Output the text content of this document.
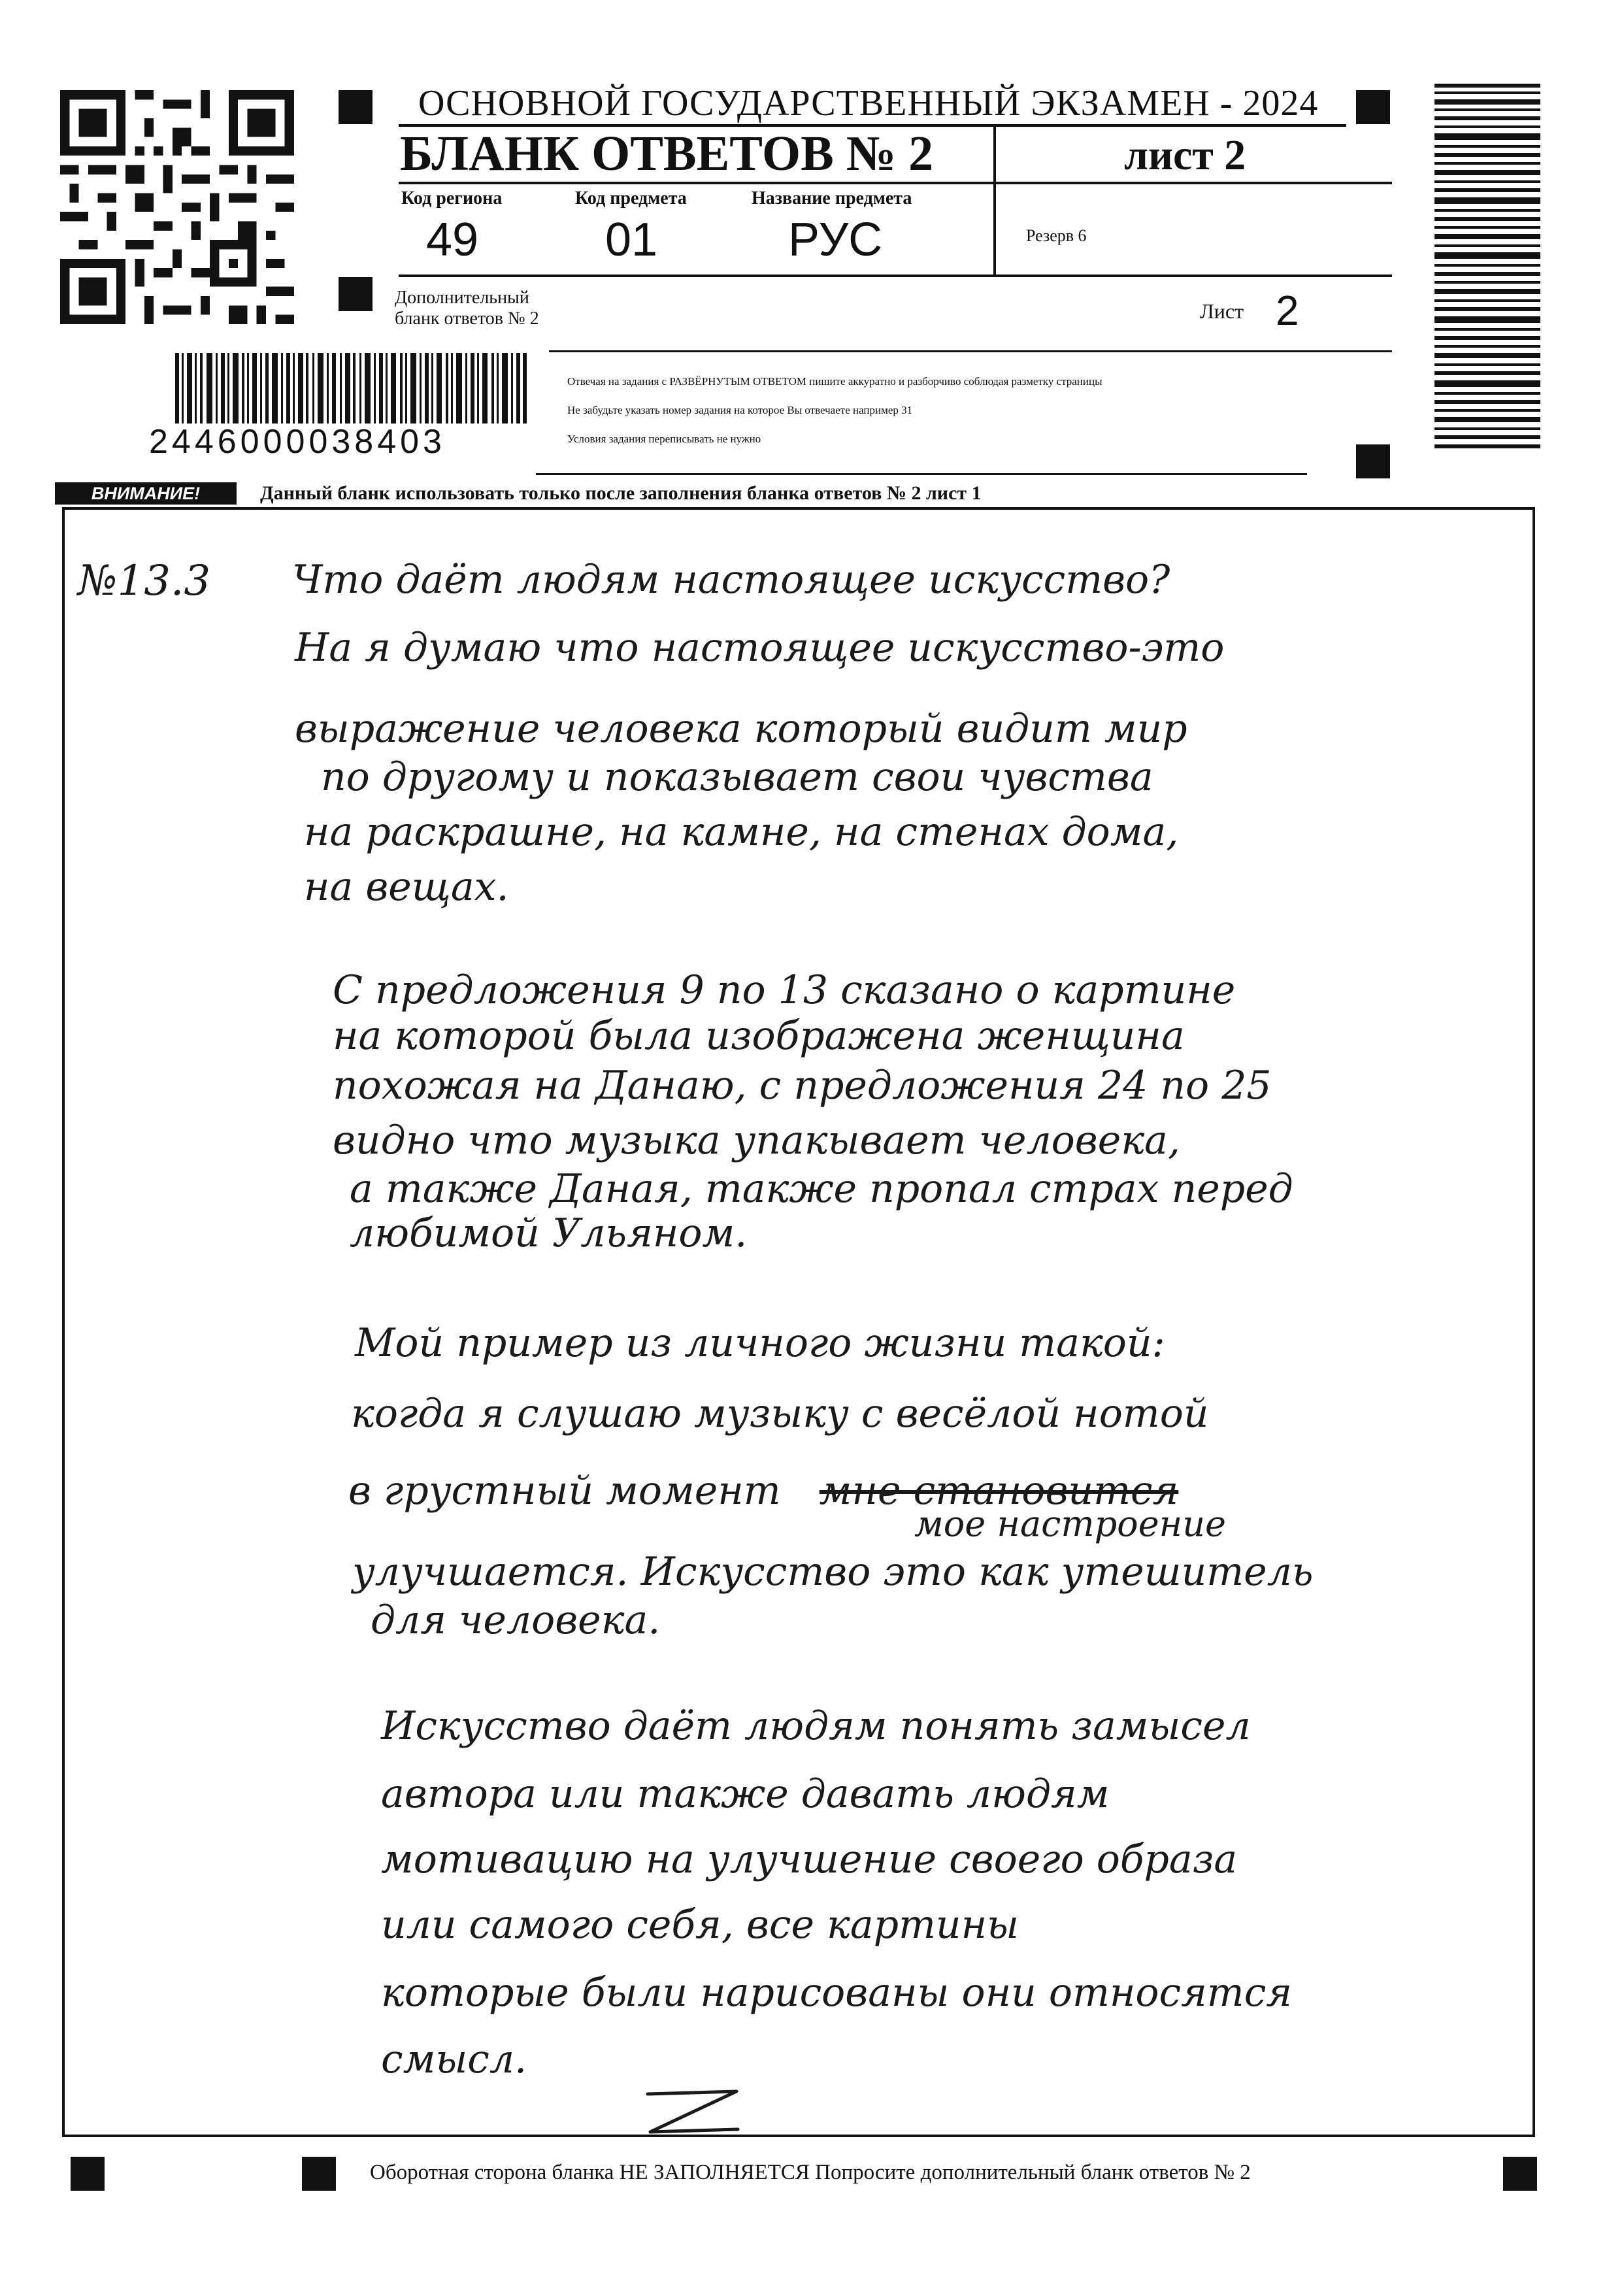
ОСНОВНОЙ ГОСУДАРСТВЕННЫЙ ЭКЗАМЕН - 2024
БЛАНК ОТВЕТОВ № 2	лист 2
Код региона	Код предмета	Название предмета
49	01	РУС	Резерв 6
Дополнительный
бланк ответов № 2	Лист 2
Отвечая на задания с РАЗВЁРНУТЫМ ОТВЕТОМ пишите аккуратно и разборчиво соблюдая разметку страницы
Не забудьте указать номер задания на которое Вы отвечаете например 31
Условия задания переписывать не нужно
2446000038403
ВНИМАНИЕ!	Данный бланк использовать только после заполнения бланка ответов № 2 лист 1
№13.3 Что даёт людям настоящее искусство?
На я думаю что настоящее искусство-это
выражение человека который видит мир
по другому и показывает свои чувства
на раскрашне, на камне, на стенах дома,
на вещах.
С предложения 9 по 13 сказано о картине
на которой была изображена женщина
похожая на Данаю, с предложения 24 по 25
видно что музыка упакывает человека,
а также Даная, также пропал страх перед
любимой Ульяном.
Мой пример из личного жизни такой:
когда я слушаю музыку с весёлой нотой
в грустный момент мне становится
мое настроение
улучшается. Искусство это как утешитель
для человека.
Искусство даёт людям понять замысел
автора или также давать людям
мотивацию на улучшение своего образа
или самого себя, все картины
которые были нарисованы они относятся
смысл.
Оборотная сторона бланка НЕ ЗАПОЛНЯЕТСЯ Попросите дополнительный бланк ответов № 2
